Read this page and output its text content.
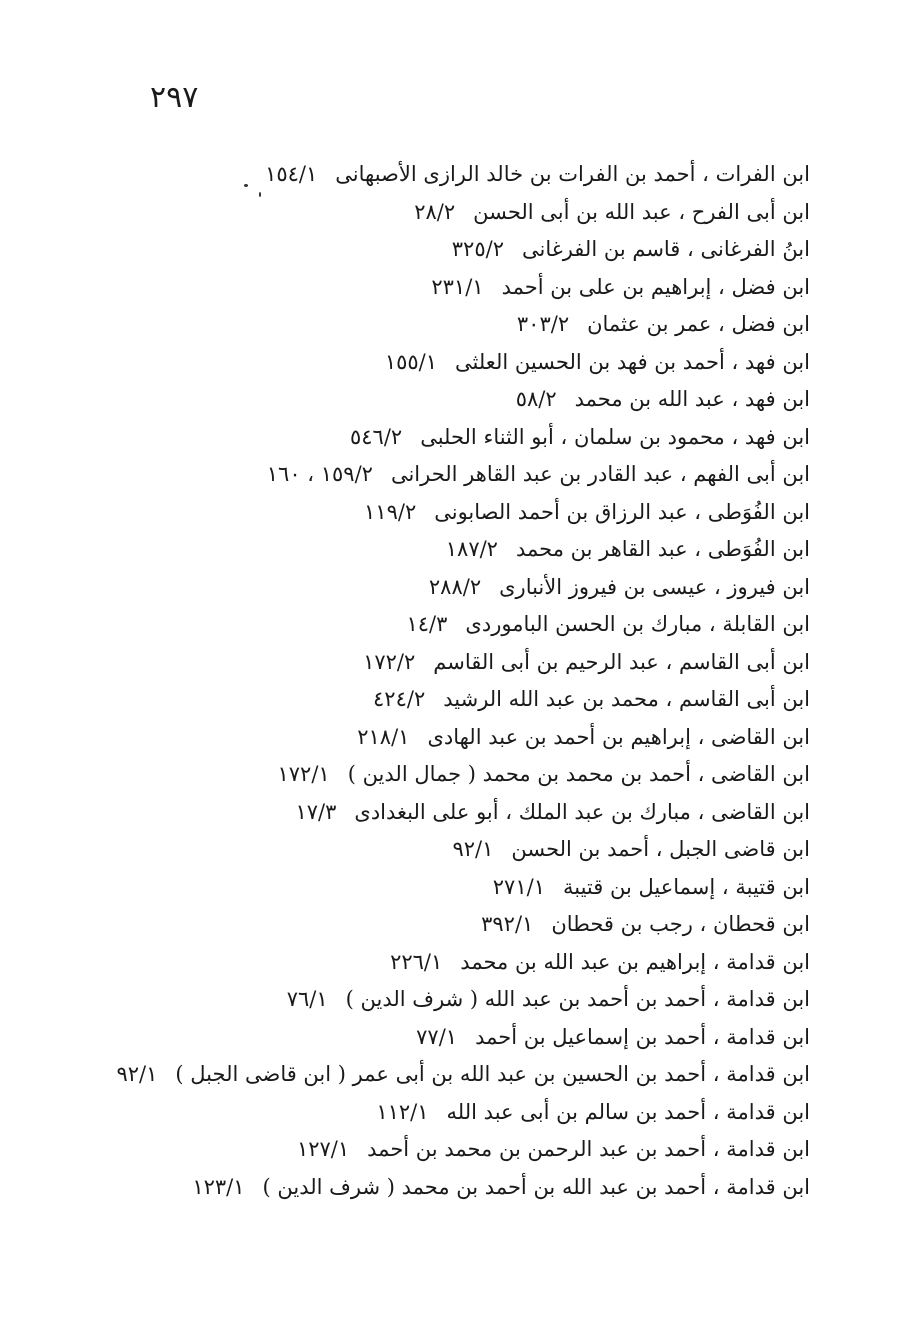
٢٩٧
ابن الفرات ، أحمد بن الفرات بن خالد الرازى الأصبهانى١٥٤/١
ابن أبى الفرح ، عبد الله بن أبى الحسن٢٨/٢
ابنُ الفرغانى ، قاسم بن الفرغانى٣٢٥/٢
ابن فضل ، إبراهيم بن على بن أحمد٢٣١/١
ابن فضل ، عمر بن عثمان٣٠٣/٢
ابن فهد ، أحمد بن فهد بن الحسين العلثى١٥٥/١
ابن فهد ، عبد الله بن محمد٥٨/٢
ابن فهد ، محمود بن سلمان ، أبو الثناء الحلبى٥٤٦/٢
ابن أبى الفهم ، عبد القادر بن عبد القاهر الحرانى١٥٩/٢ ، ١٦٠
ابن الفُوَطى ، عبد الرزاق بن أحمد الصابونى١١٩/٢
ابن الفُوَطى ، عبد القاهر بن محمد١٨٧/٢
ابن فيروز ، عيسى بن فيروز الأنبارى٢٨٨/٢
ابن القابلة ، مبارك بن الحسن الباموردى١٤/٣
ابن أبى القاسم ، عبد الرحيم بن أبى القاسم١٧٢/٢
ابن أبى القاسم ، محمد بن عبد الله الرشيد٤٢٤/٢
ابن القاضى ، إبراهيم بن أحمد بن عبد الهادى٢١٨/١
ابن القاضى ، أحمد بن محمد بن محمد ( جمال الدين )١٧٢/١
ابن القاضى ، مبارك بن عبد الملك ، أبو على البغدادى١٧/٣
ابن قاضى الجبل ، أحمد بن الحسن٩٢/١
ابن قتيبة ، إسماعيل بن قتيبة٢٧١/١
ابن قحطان ، رجب بن قحطان٣٩٢/١
ابن قدامة ، إبراهيم بن عبد الله بن محمد٢٢٦/١
ابن قدامة ، أحمد بن أحمد بن عبد الله ( شرف الدين )٧٦/١
ابن قدامة ، أحمد بن إسماعيل بن أحمد٧٧/١
ابن قدامة ، أحمد بن الحسين بن عبد الله بن أبى عمر ( ابن قاضى الجبل )٩٢/١
ابن قدامة ، أحمد بن سالم بن أبى عبد الله١١٢/١
ابن قدامة ، أحمد بن عبد الرحمن بن محمد بن أحمد١٢٧/١
ابن قدامة ، أحمد بن عبد الله بن أحمد بن محمد ( شرف الدين )١٢٣/١
